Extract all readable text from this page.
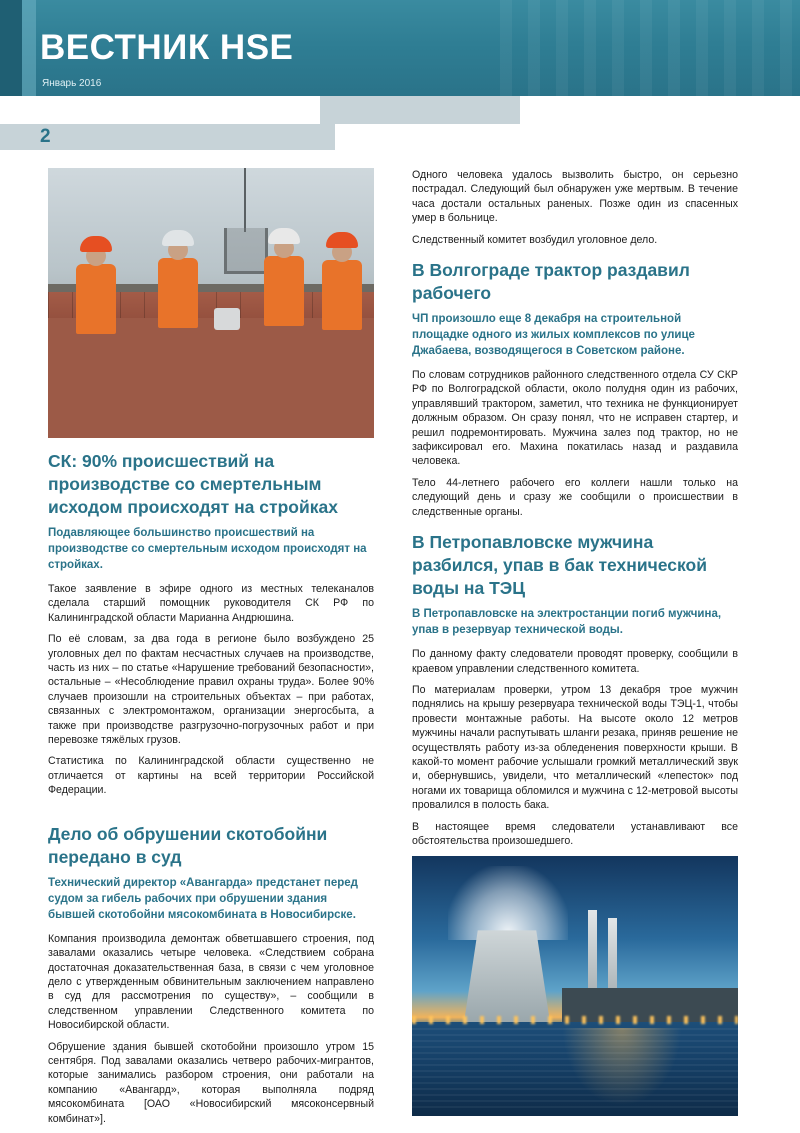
ВЕСТНИК HSE
Январь 2016
2
СК: 90% происшествий на производстве со смертельным исходом происходят на стройках

Подавляющее большинство происшествий на производстве со смертельным исходом происходят на стройках.

Такое заявление в эфире одного из местных телеканалов сделала старший помощник руководителя СК РФ по Калининградской области Марианна Андрюшина.

По её словам, за два года в регионе было возбуждено 25 уголовных дел по фактам несчастных случаев на производстве, часть из них – по статье «Нарушение требований безопасности», остальные – «Несоблюдение правил охраны труда». Более 90% случаев произошли на строительных объектах – при работах, связанных с электромонтажом, организации энергосбыта, а также при производстве разгрузочно-погрузочных работ и при перевозке тяжёлых грузов.

Статистика по Калининградской области существенно не отличается от картины на всей территории Российской Федерации.

Дело об обрушении скотобойни передано в суд

Технический директор «Авангарда» предстанет перед судом за гибель рабочих при обрушении здания бывшей скотобойни мясокомбината в Новосибирске.

Компания производила демонтаж обветшавшего строения, под завалами оказались четыре человека. «Следствием собрана достаточная доказательственная база, в связи с чем уголовное дело с утвержденным обвинительным заключением направлено в суд для рассмотрения по существу», – сообщили в следственном управлении Следственного комитета по Новосибирской области.

Обрушение здания бывшей скотобойни произошло утром 15 сентября. Под завалами оказались четверо рабочих-мигрантов, которые занимались разбором строения, они работали на компанию «Авангард», которая выполняла подряд мясокомбината [ОАО «Новосибирский мясоконсервный комбинат»].

Одного человека удалось вызволить быстро, он серьезно пострадал. Следующий был обнаружен уже мертвым. В течение часа достали остальных раненых. Позже один из спасенных умер в больнице.

Следственный комитет возбудил уголовное дело.

В Волгограде трактор раздавил рабочего

ЧП произошло еще 8 декабря на строительной площадке одного из жилых комплексов по улице Джабаева, возводящегося в Советском районе.

По словам сотрудников районного следственного отдела СУ СКР РФ по Волгоградской области, около полудня один из рабочих, управлявший трактором, заметил, что техника не функционирует должным образом. Он сразу понял, что не исправен стартер, и решил подремонтировать. Мужчина залез под трактор, но не зафиксировал его. Махина покатилась назад и раздавила человека.

Тело 44-летнего рабочего его коллеги нашли только на следующий день и сразу же сообщили о происшествии в следственные органы.

В Петропавловске мужчина разбился, упав в бак технической воды на ТЭЦ

В Петропавловске на электростанции погиб мужчина, упав в резервуар технической воды.

По данному факту следователи проводят проверку, сообщили в краевом управлении следственного комитета.

По материалам проверки, утром 13 декабря трое мужчин поднялись на крышу резервуара технической воды ТЭЦ-1, чтобы провести монтажные работы. На высоте около 12 метров мужчины начали распутывать шланги резака, приняв решение не осуществлять работу из-за обледенения поверхности крыши. В какой-то момент рабочие услышали громкий металлический звук и, обернувшись, увидели, что металлический «лепесток» под ногами их товарища обломился и мужчина с 12-метровой высоты провалился в полость бака.

В настоящее время следователи устанавливают все обстоятельства произошедшего.
